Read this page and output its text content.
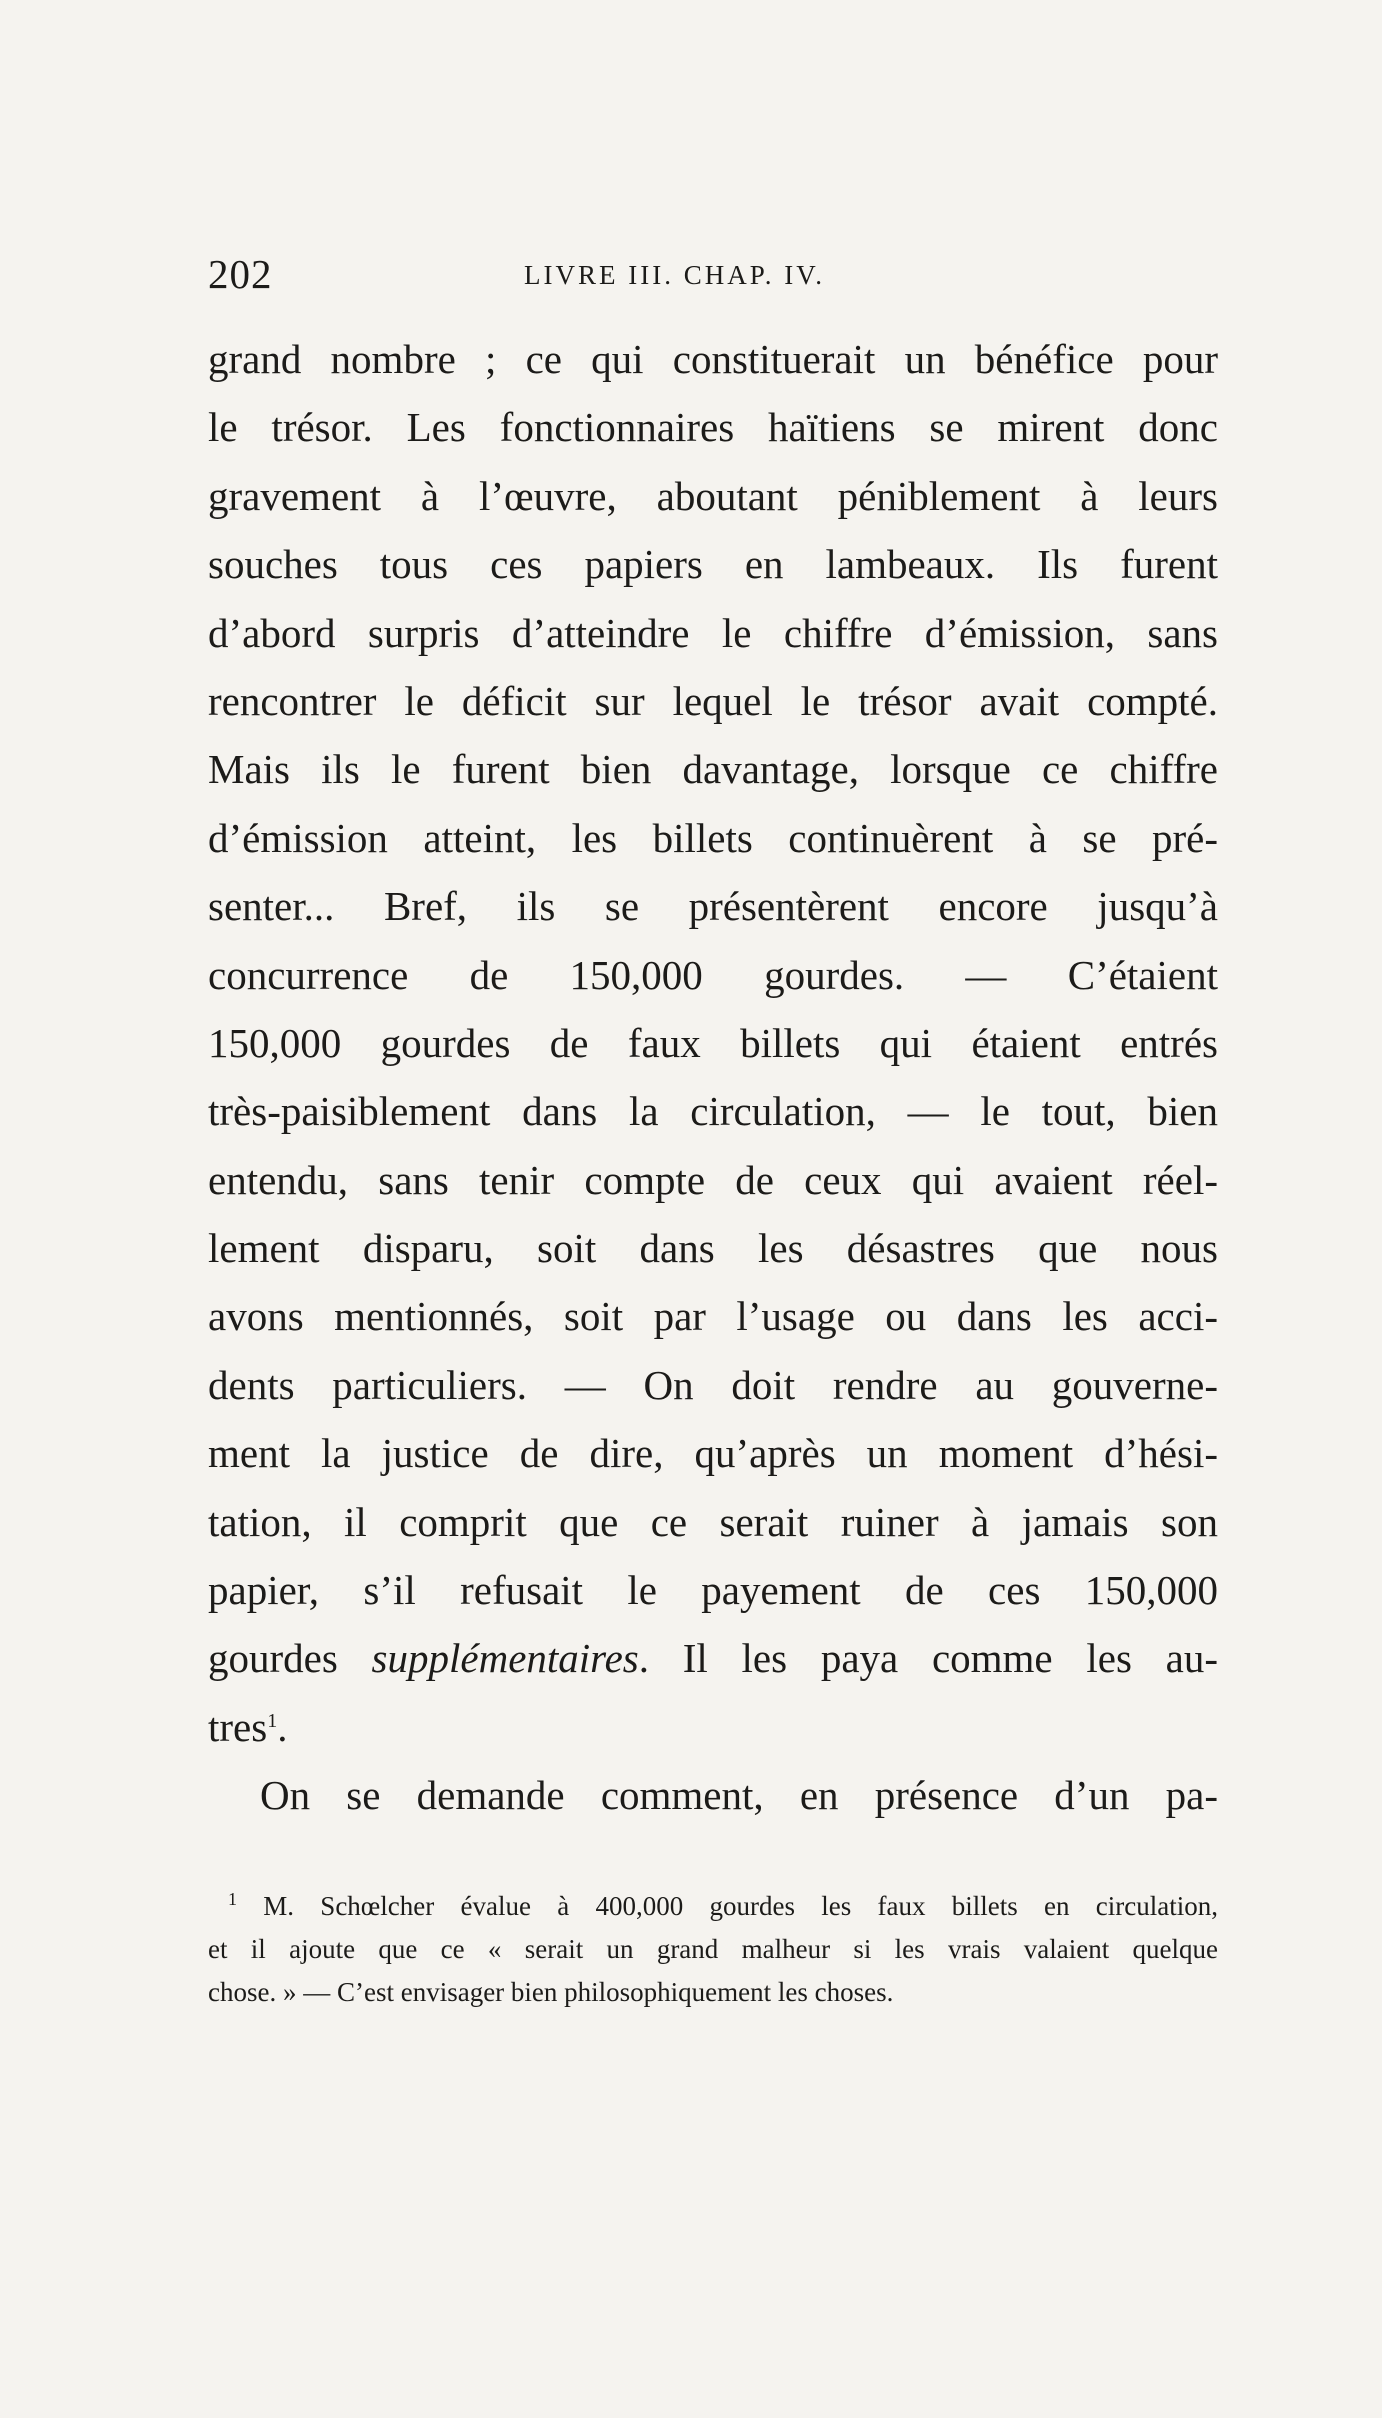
202	LIVRE III. CHAP. IV.
grand nombre ; ce qui constituerait un bénéfice pour
le trésor. Les fonctionnaires haïtiens se mirent donc
gravement à l’œuvre, aboutant péniblement à leurs
souches tous ces papiers en lambeaux. Ils furent
d’abord surpris d’atteindre le chiffre d’émission, sans
rencontrer le déficit sur lequel le trésor avait compté.
Mais ils le furent bien davantage, lorsque ce chiffre
d’émission atteint, les billets continuèrent à se pré-
senter... Bref, ils se présentèrent encore jusqu’à
concurrence de 150,000 gourdes. — C’étaient
150,000 gourdes de faux billets qui étaient entrés
très-paisiblement dans la circulation, — le tout, bien
entendu, sans tenir compte de ceux qui avaient réel-
lement disparu, soit dans les désastres que nous
avons mentionnés, soit par l’usage ou dans les acci-
dents particuliers. — On doit rendre au gouverne-
ment la justice de dire, qu’après un moment d’hési-
tation, il comprit que ce serait ruiner à jamais son
papier, s’il refusait le payement de ces 150,000
gourdes supplémentaires. Il les paya comme les au-
tres$^1$.
On se demande comment, en présence d’un pa-
$^1$ M. Schœlcher évalue à 400,000 gourdes les faux billets en circulation,
et il ajoute que ce « serait un grand malheur si les vrais valaient quelque
chose. » — C’est envisager bien philosophiquement les choses.
